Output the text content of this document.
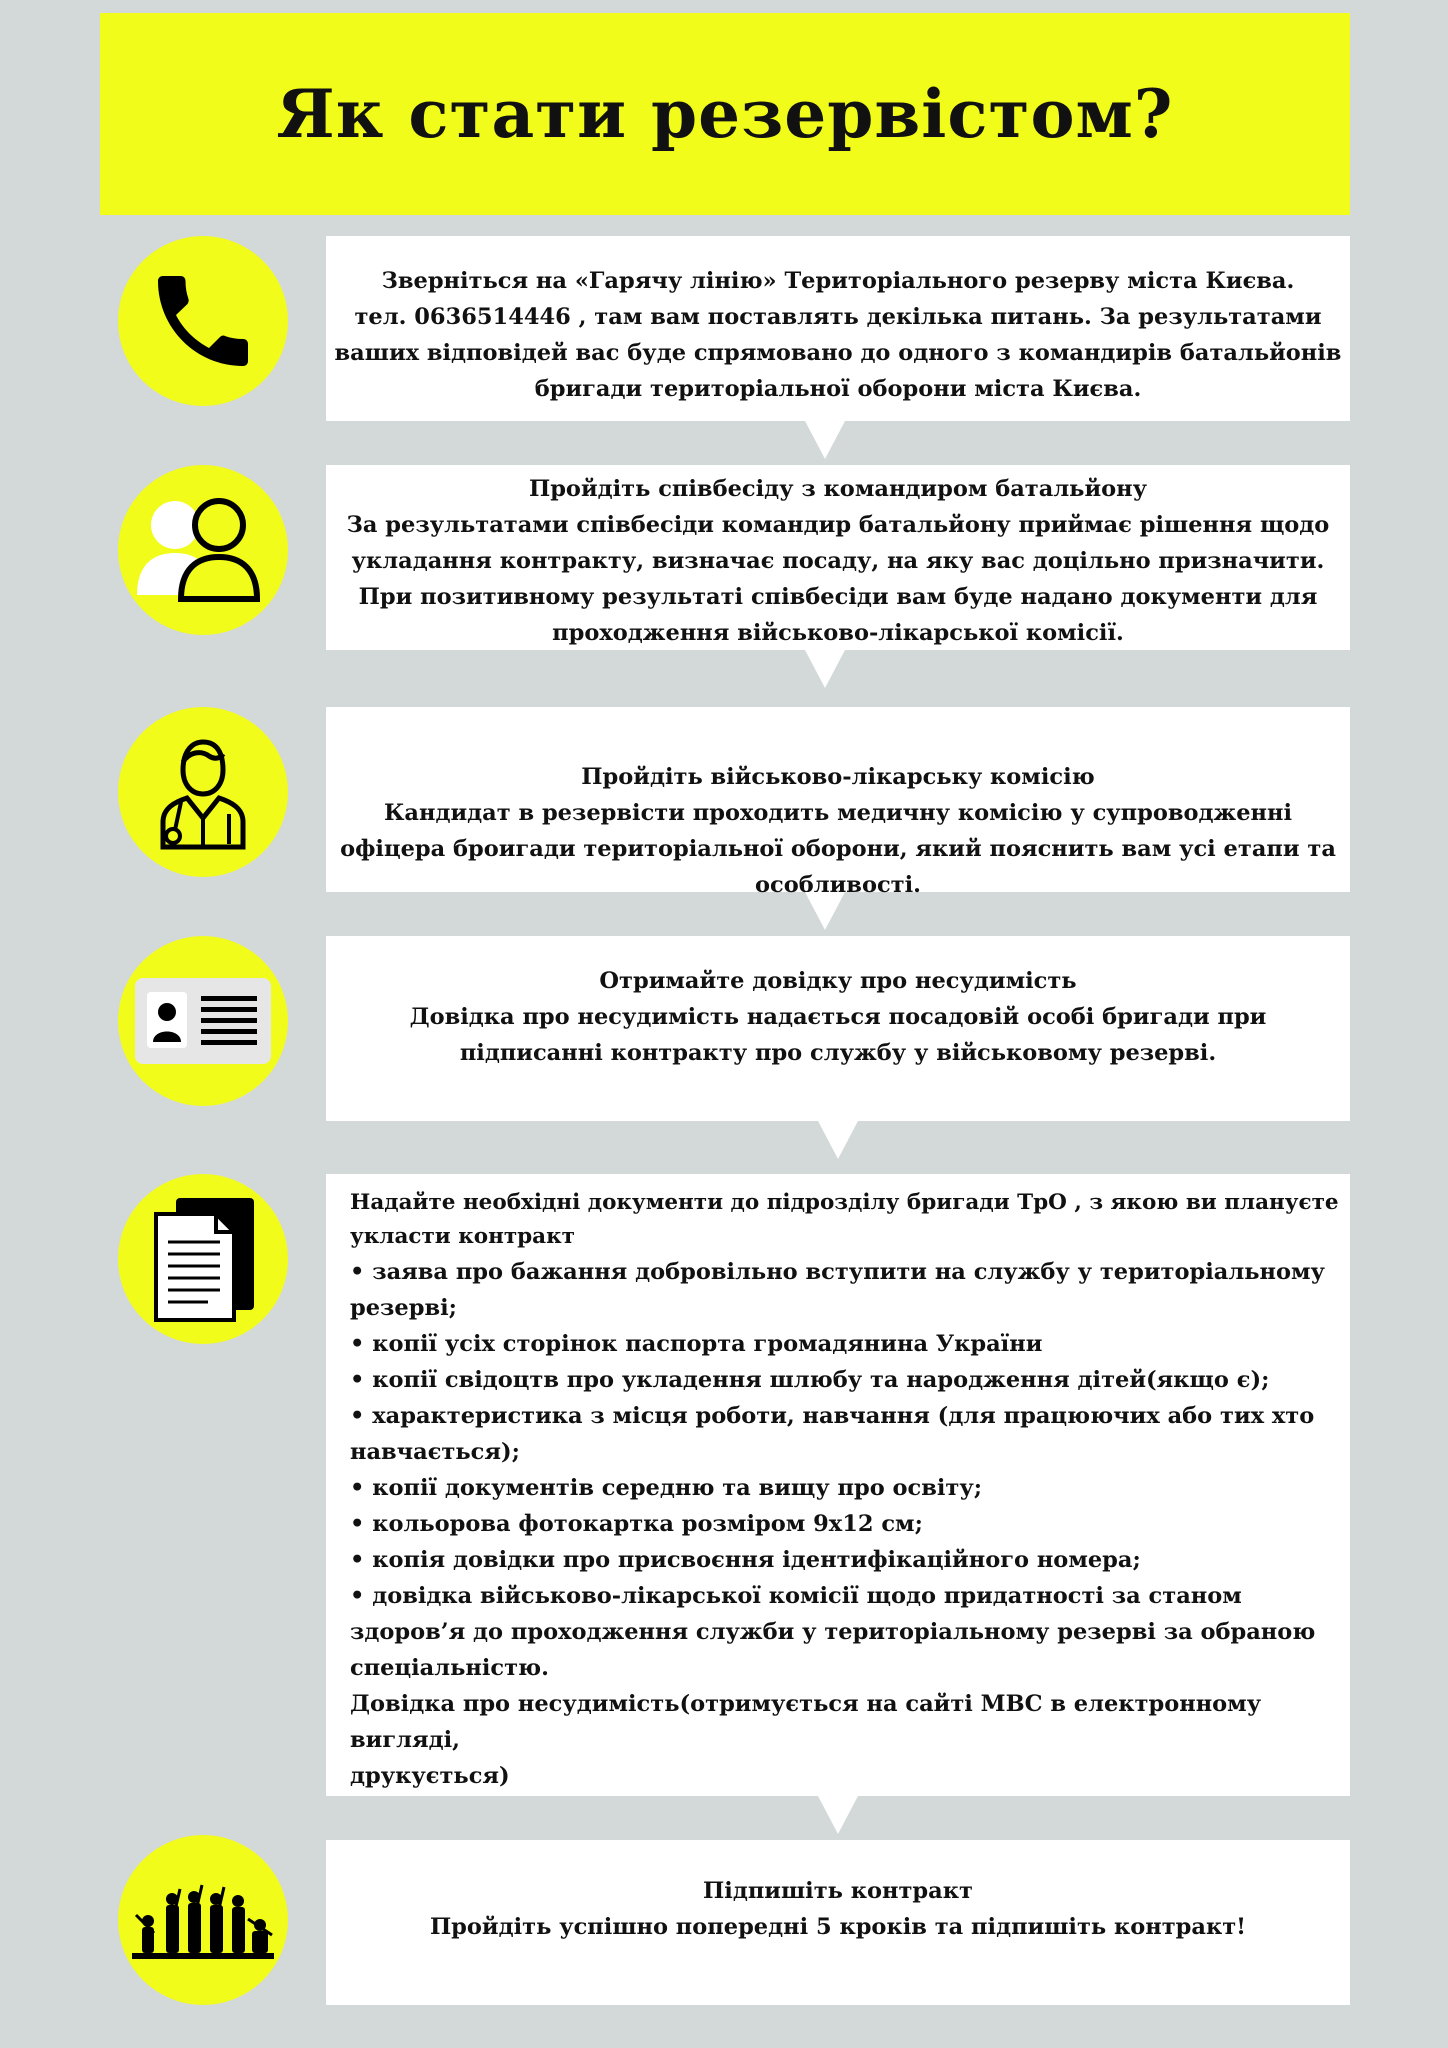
Як стати резервістом?
Зверніться на «Гарячу лінію» Територіального резерву міста Києва.
тел. 0636514446 , там вам поставлять декілька питань. За результатами
ваших відповідей вас буде спрямовано до одного з командирів батальйонів
бригади територіальної оборони міста Києва.
Пройдіть співбесіду з командиром батальйону
За результатами співбесіди командир батальйону приймає рішення щодо
укладання контракту, визначає посаду, на яку вас доцільно призначити.
При позитивному результаті співбесіди вам буде надано документи для
проходження військово-лікарської комісії.
Пройдіть військово-лікарську комісію
Кандидат в резервісти проходить медичну комісію у супроводженні
офіцера броигади територіальної оборони, який пояснить вам усі етапи та
особливості.
Отримайте довідку про несудимість
Довідка про несудимість надається посадовій особі бригади при
підписанні контракту про службу у військовому резерві.
Надайте необхідні документи до підрозділу бригади ТрО , з якою ви плануєте
укласти контракт
• заява про бажання добровільно вступити на службу у територіальному
резерві;
• копії усіх сторінок паспорта громадянина України
• копії свідоцтв про укладення шлюбу та народження дітей(якщо є);
• характеристика з місця роботи, навчання (для працюючих або тих хто
навчається);
• копії документів середню та вищу про освіту;
• кольорова фотокартка розміром 9х12 см;
• копія довідки про присвоєння ідентифікаційного номера;
• довідка військово-лікарської комісії щодо придатності за станом
здоров’я до проходження служби у територіальному резерві за обраною
спеціальністю.
Довідка про несудимість(отримується на сайті МВС в електронному вигляді,
друкується)
Підпишіть контракт
Пройдіть успішно попередні 5 кроків та підпишіть контракт!
